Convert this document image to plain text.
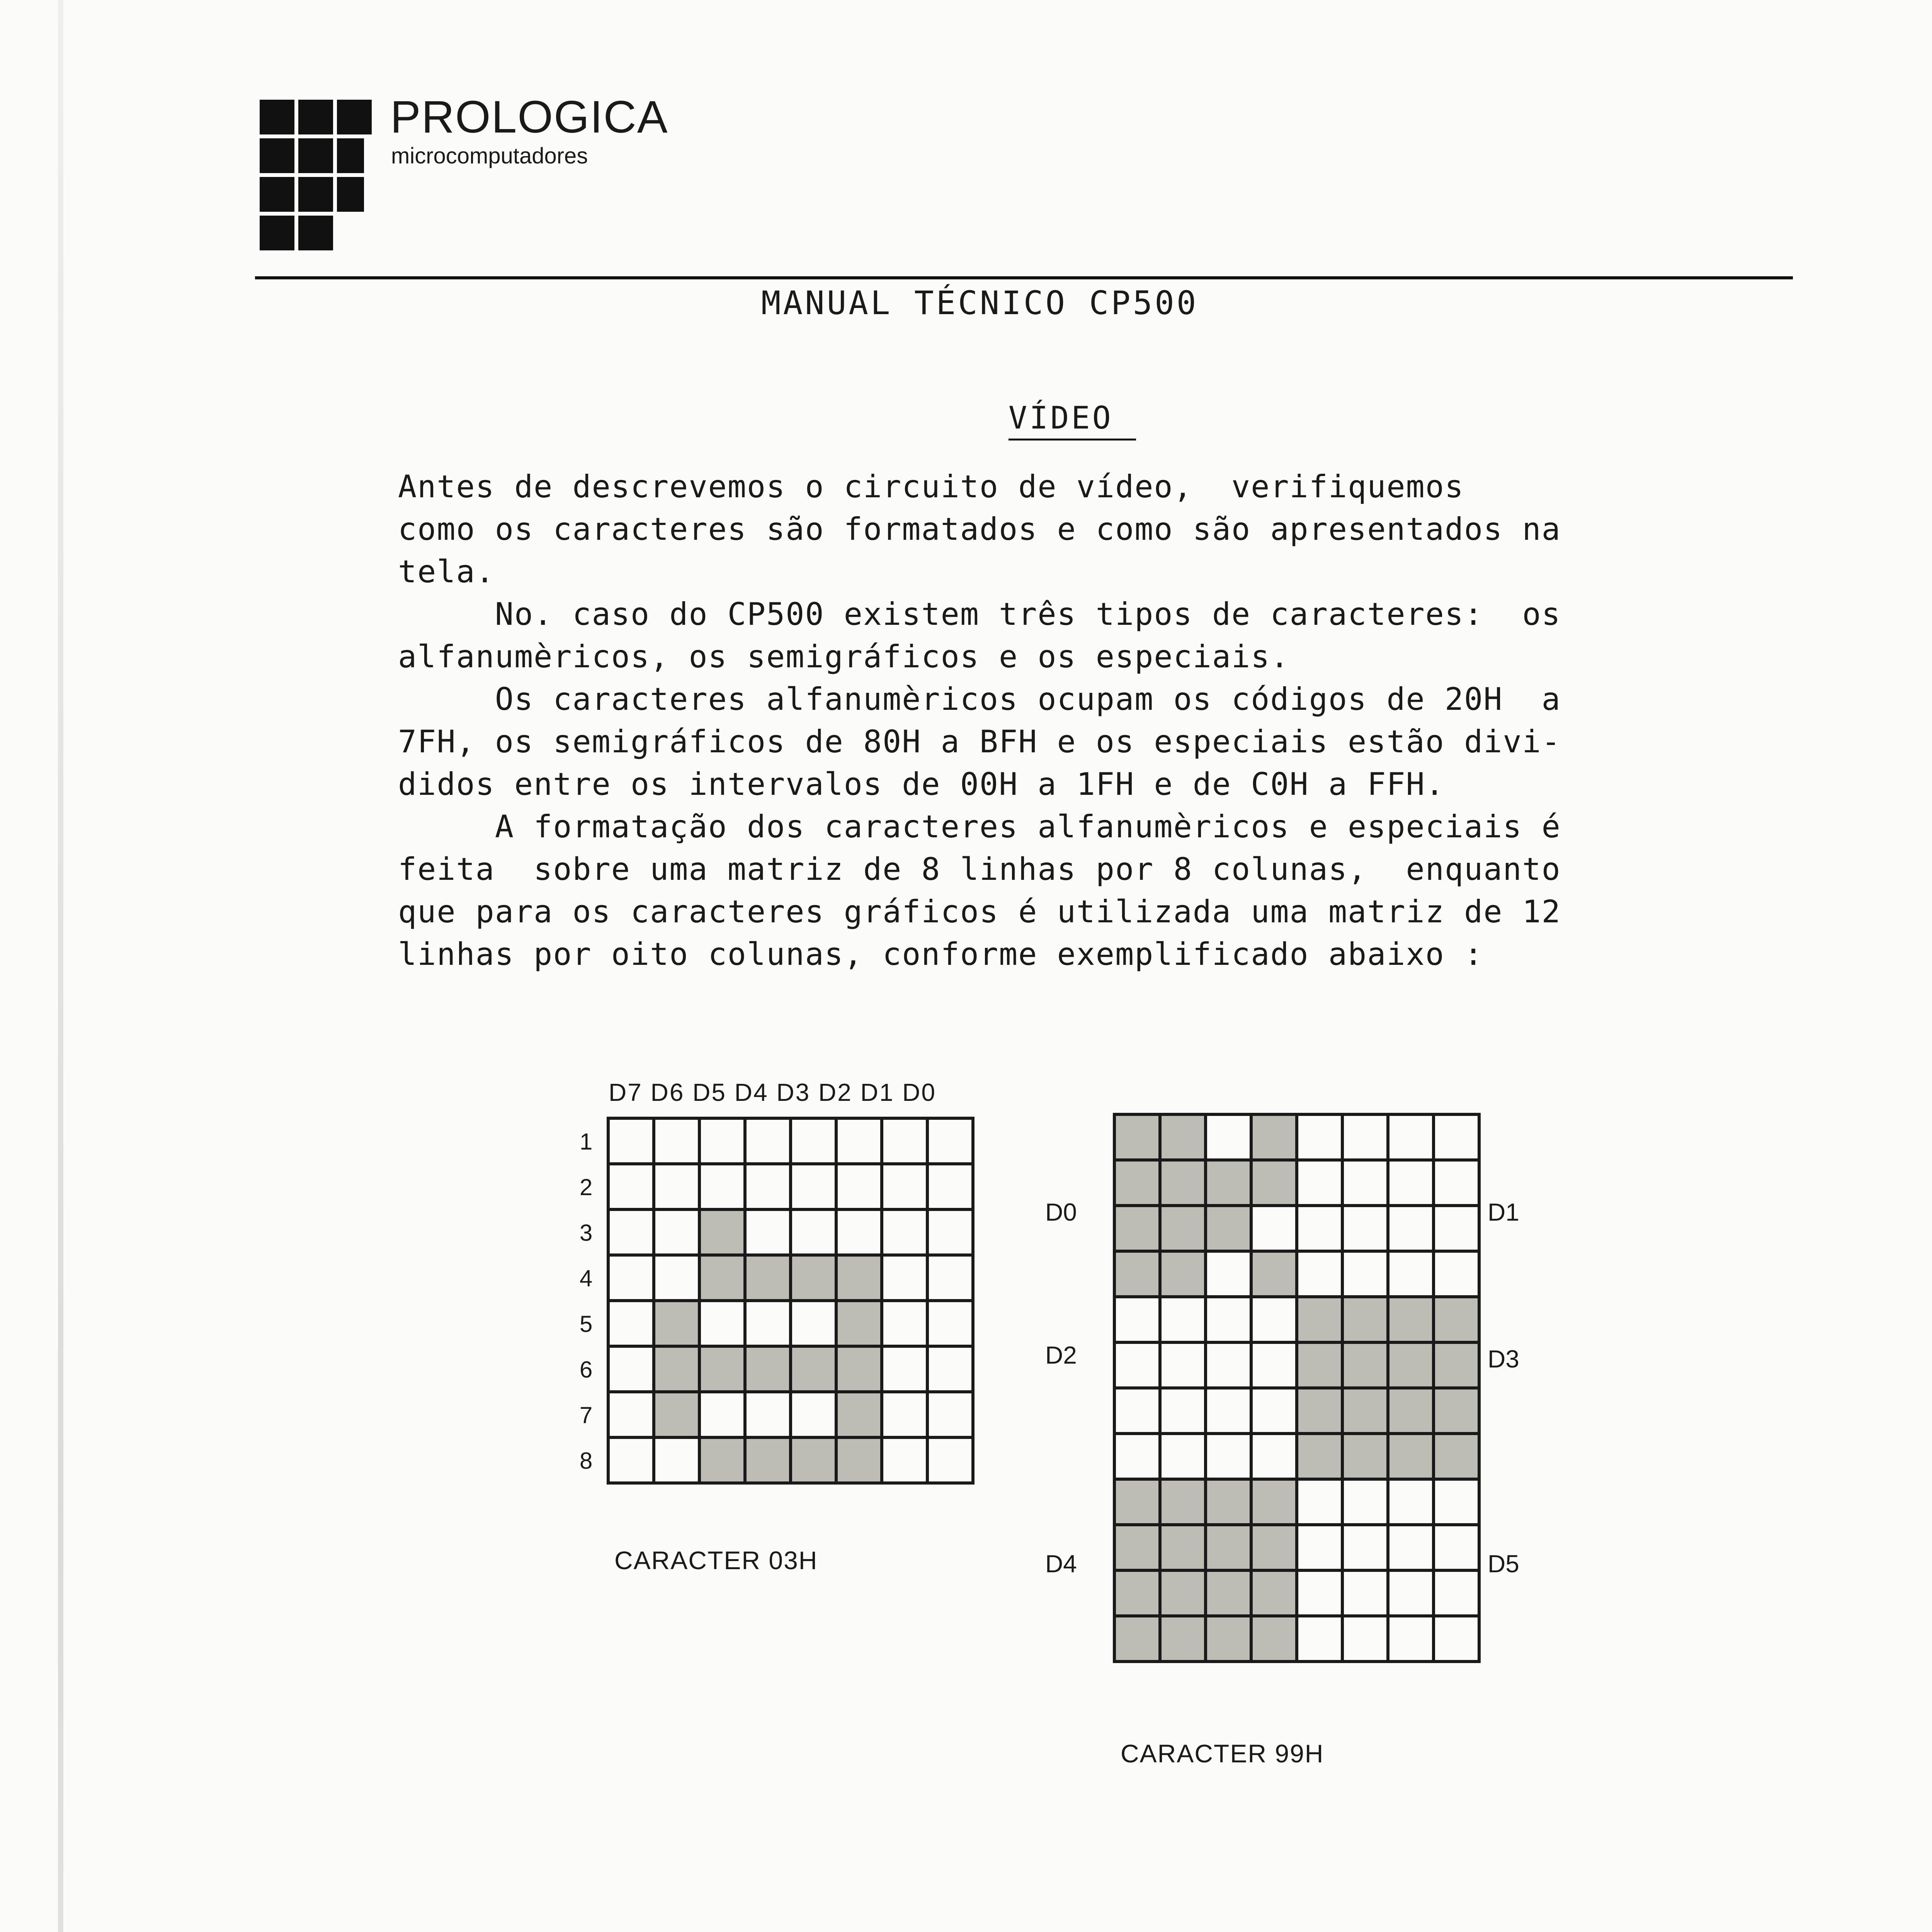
PROLOGICA
microcomputadores
MANUAL TÉCNICO CP500
VÍDEO
Antes de descrevemos o circuito de vídeo,  verifiquemos
como os caracteres são formatados e como são apresentados na
tela.
No. caso do CP500 existem três tipos de caracteres:  os
alfanumèricos, os semigráficos e os especiais.
Os caracteres alfanumèricos ocupam os códigos de 20H  a
7FH, os semigráficos de 80H a BFH e os especiais estão divi-
didos entre os intervalos de 00H a 1FH e de C0H a FFH.
A formatação dos caracteres alfanumèricos e especiais é
feita  sobre uma matriz de 8 linhas por 8 colunas,  enquanto
que para os caracteres gráficos é utilizada uma matriz de 12
linhas por oito colunas, conforme exemplificado abaixo :
D7 D6 D5 D4 D3 D2 D1 D0
CARACTER 03H
D0	D1
D2	D3
D4	D5
CARACTER 99H
1
2
3
4
5
6
7
8
